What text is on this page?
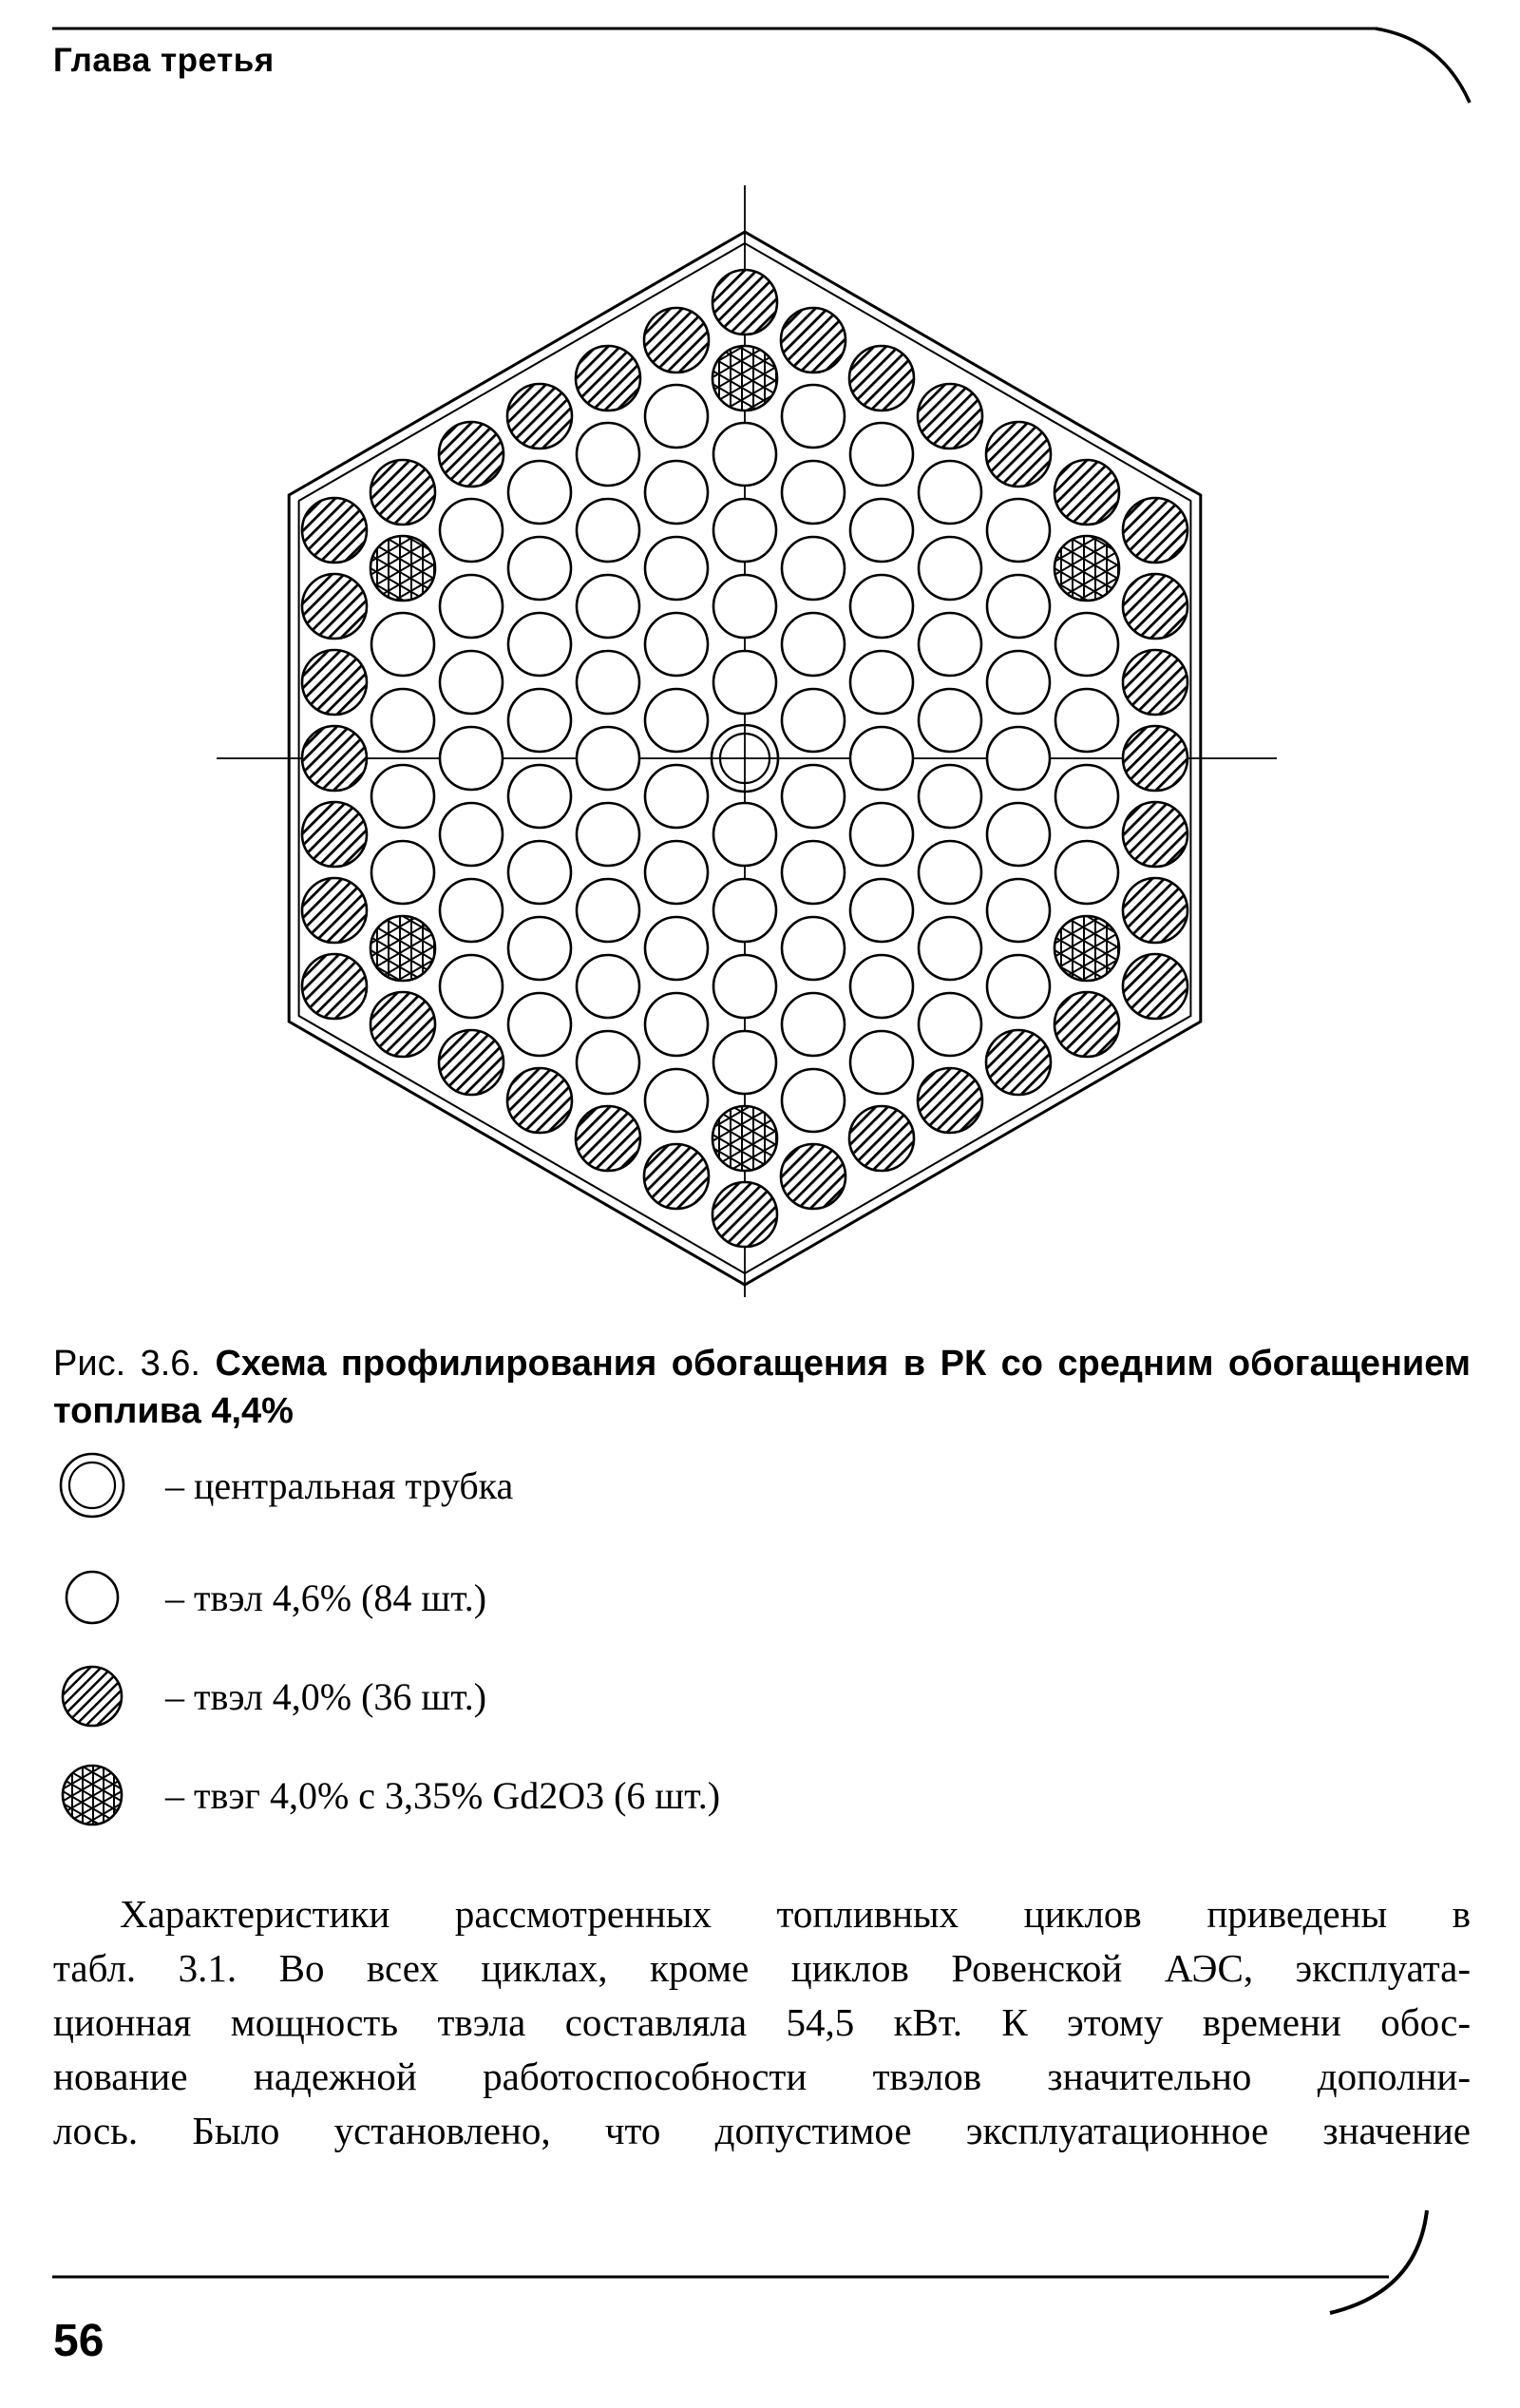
Глава третья
Рис. 3.6. Схема профилирования обогащения в РК со средним обогащением топлива 4,4%
– центральная трубка
– твэл 4,6% (84 шт.)
– твэл 4,0% (36 шт.)
– твэг 4,0% с 3,35% Gd2O3 (6 шт.)
Характеристики рассмотренных топливных циклов приведены в
табл. 3.1. Во всех циклах, кроме циклов Ровенской АЭС, эксплуата-
ционная мощность твэла составляла 54,5 кВт. К этому времени обос-
нование надежной работоспособности твэлов значительно дополни-
лось. Было установлено, что допустимое эксплуатационное значение
56
